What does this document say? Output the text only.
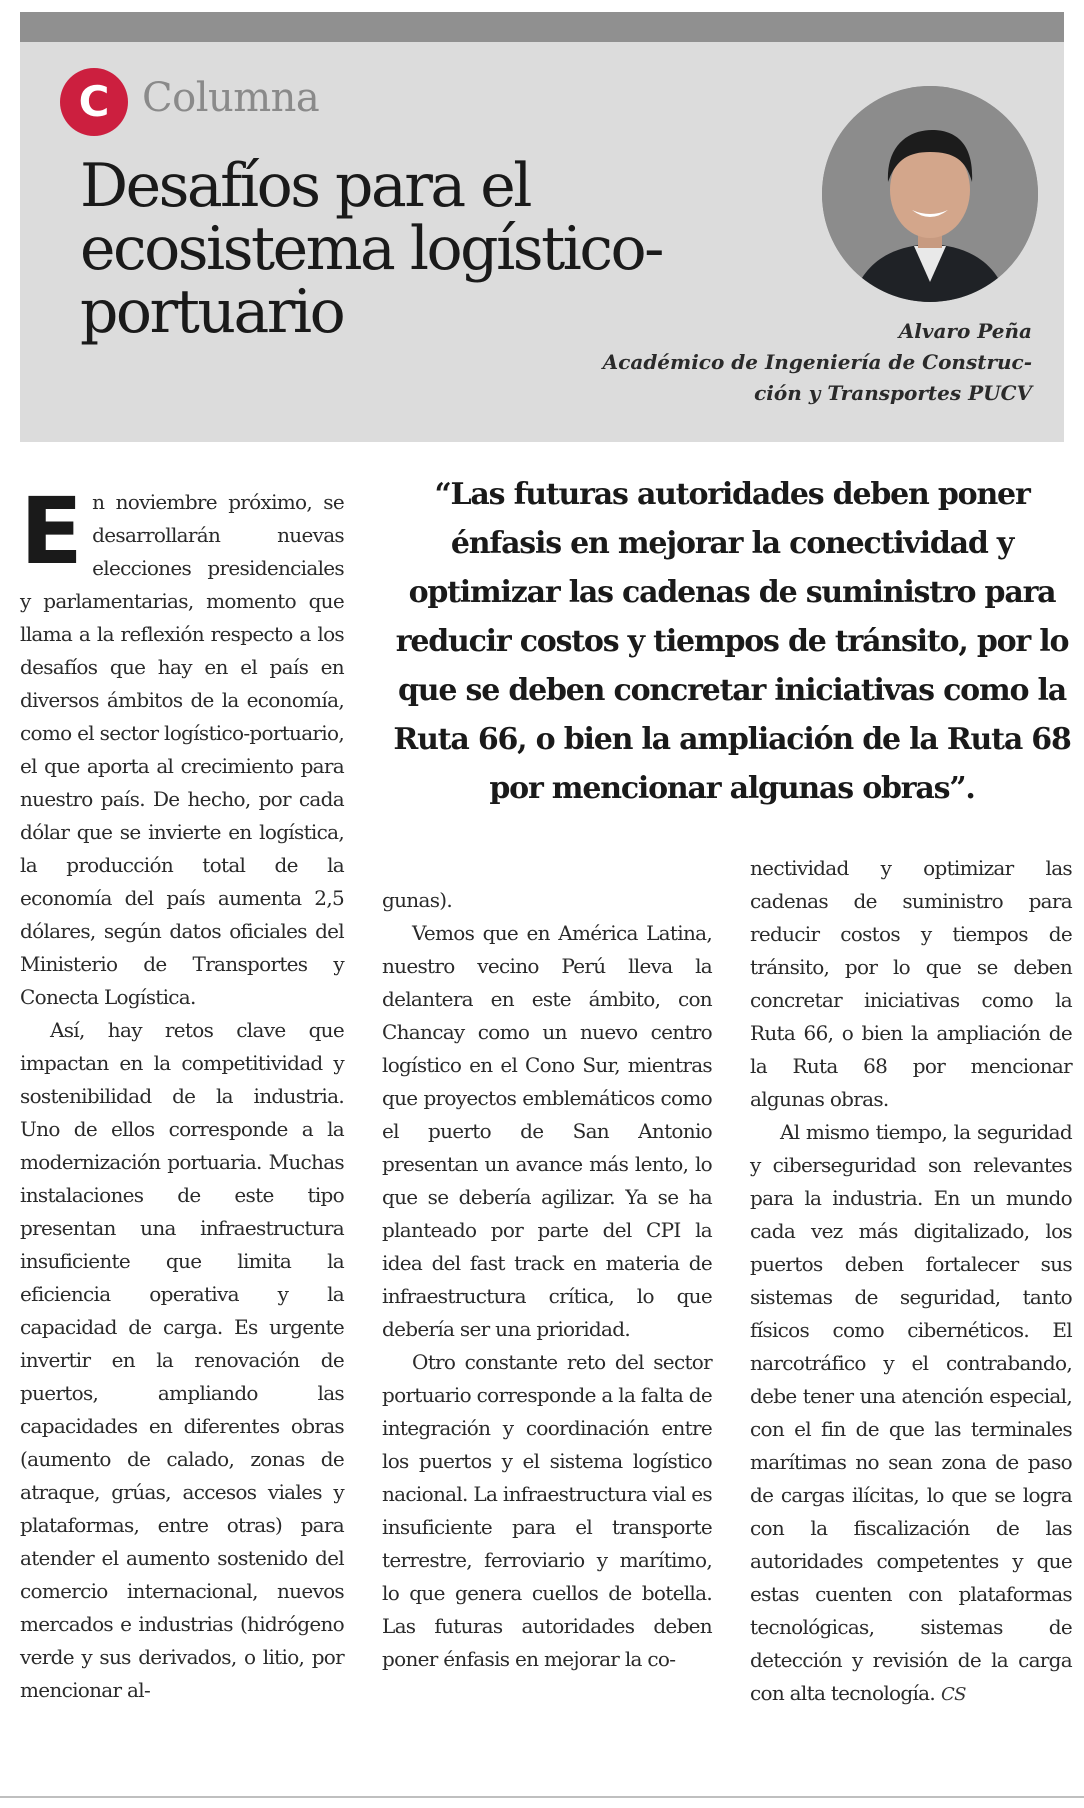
C Columna
Desafíos para el ecosistema logístico-portuario	Alvaro Peña
Académico de Ingeniería de Construc-
ción y Transportes PUCV

“Las futuras autoridades deben poner énfasis en mejorar la conectividad y optimizar las cadenas de suministro para reducir costos y tiempos de tránsito, por lo que se deben concretar iniciativas como la Ruta 66, o bien la ampliación de la Ruta 68 por mencionar algunas obras”.

En noviembre próximo, se desarrollarán nuevas elecciones presidenciales y parlamentarias, momento que llama a la reflexión respecto a los desafíos que hay en el país en diversos ámbitos de la economía, como el sector logístico-portuario, el que aporta al crecimiento para nuestro país. De hecho, por cada dólar que se invierte en logística, la producción total de la economía del país aumenta 2,5 dólares, según datos oficiales del Ministerio de Transportes y Conecta Logística.

Así, hay retos clave que impactan en la competitividad y sostenibilidad de la industria. Uno de ellos corresponde a la modernización portuaria. Muchas instalaciones de este tipo presentan una infraestructura insuficiente que limita la eficiencia operativa y la capacidad de carga. Es urgente invertir en la renovación de puertos, ampliando las capacidades en diferentes obras (aumento de calado, zonas de atraque, grúas, accesos viales y plataformas, entre otras) para atender el aumento sostenido del comercio internacional, nuevos mercados e industrias (hidrógeno verde y sus derivados, o litio, por mencionar al-

gunas).

Vemos que en América Latina, nuestro vecino Perú lleva la delantera en este ámbito, con Chancay como un nuevo centro logístico en el Cono Sur, mientras que proyectos emblemáticos como el puerto de San Antonio presentan un avance más lento, lo que se debería agilizar. Ya se ha planteado por parte del CPI la idea del fast track en materia de infraestructura crítica, lo que debería ser una prioridad.

Otro constante reto del sector portuario corresponde a la falta de integración y coordinación entre los puertos y el sistema logístico nacional. La infraestructura vial es insuficiente para el transporte terrestre, ferroviario y marítimo, lo que genera cuellos de botella. Las futuras autoridades deben poner énfasis en mejorar la co-

nectividad y optimizar las cadenas de suministro para reducir costos y tiempos de tránsito, por lo que se deben concretar iniciativas como la Ruta 66, o bien la ampliación de la Ruta 68 por mencionar algunas obras.

Al mismo tiempo, la seguridad y ciberseguridad son relevantes para la industria. En un mundo cada vez más digitalizado, los puertos deben fortalecer sus sistemas de seguridad, tanto físicos como cibernéticos. El narcotráfico y el contrabando, debe tener una atención especial, con el fin de que las terminales marítimas no sean zona de paso de cargas ilícitas, lo que se logra con la fiscalización de las autoridades competentes y que estas cuenten con plataformas tecnológicas, sistemas de detección y revisión de la carga con alta tecnología. CS
